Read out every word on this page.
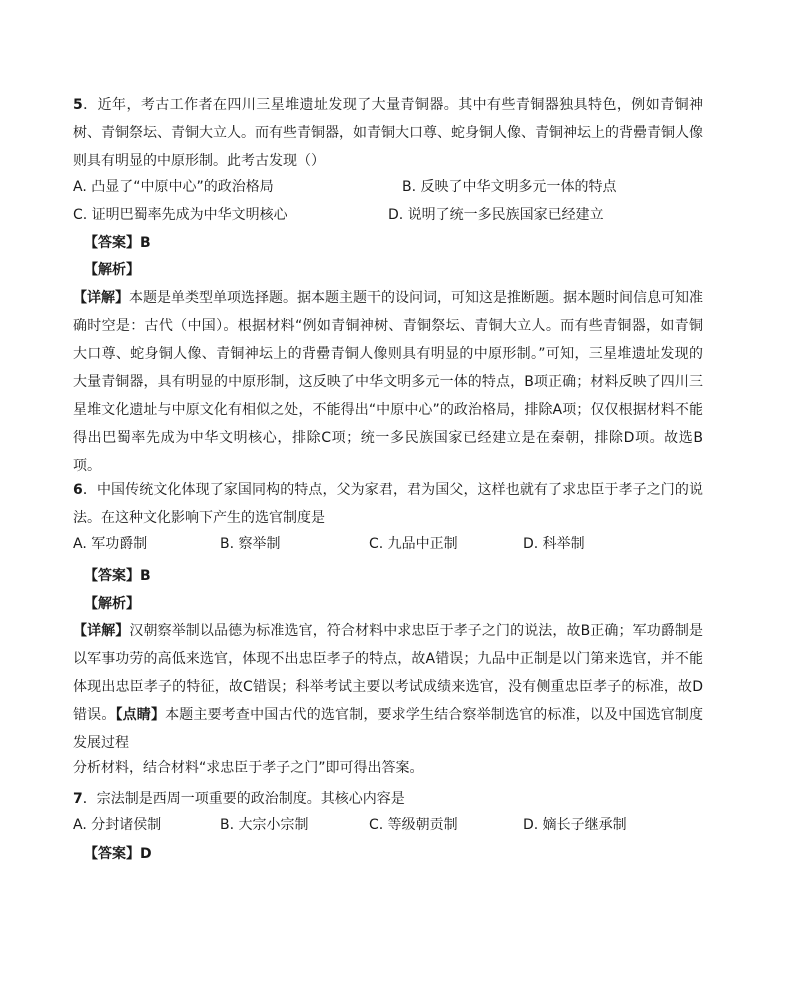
5．近年，考古工作者在四川三星堆遗址发现了大量青铜器。其中有些青铜器独具特色，例如青铜神树、青铜祭坛、青铜大立人。而有些青铜器，如青铜大口尊、蛇身铜人像、青铜神坛上的背罍青铜人像则具有明显的中原形制。此考古发现（）

A. 凸显了“中原中心”的政治格局	B. 反映了中华文明多元一体的特点
C. 证明巴蜀率先成为中华文明核心	D. 说明了统一多民族国家已经建立
【答案】B
【解析】

【详解】本题是单类型单项选择题。据本题主题干的设问词，可知这是推断题。据本题时间信息可知准确时空是：古代（中国）。根据材料“例如青铜神树、青铜祭坛、青铜大立人。而有些青铜器，如青铜大口尊、蛇身铜人像、青铜神坛上的背罍青铜人像则具有明显的中原形制。”可知，三星堆遗址发现的大量青铜器，具有明显的中原形制，这反映了中华文明多元一体的特点，B项正确；材料反映了四川三星堆文化遗址与中原文化有相似之处，不能得出“中原中心”的政治格局，排除A项；仅仅根据材料不能得出巴蜀率先成为中华文明核心，排除C项；统一多民族国家已经建立是在秦朝，排除D项。故选B项。

6．中国传统文化体现了家国同构的特点，父为家君，君为国父，这样也就有了求忠臣于孝子之门的说法。在这种文化影响下产生的选官制度是

A. 军功爵制	B. 察举制	C. 九品中正制	D. 科举制
【答案】B
【解析】

【详解】汉朝察举制以品德为标准选官，符合材料中求忠臣于孝子之门的说法，故B正确；军功爵制是以军事功劳的高低来选官，体现不出忠臣孝子的特点，故A错误；九品中正制是以门第来选官，并不能体现出忠臣孝子的特征，故C错误；科举考试主要以考试成绩来选官，没有侧重忠臣孝子的标准，故D错误。【点睛】本题主要考查中国古代的选官制，要求学生结合察举制选官的标准，以及中国选官制度发展过程

分析材料，结合材料“求忠臣于孝子之门”即可得出答案。

7．宗法制是西周一项重要的政治制度。其核心内容是

A. 分封诸侯制	B. 大宗小宗制	C. 等级朝贡制	D. 嫡长子继承制
【答案】D
